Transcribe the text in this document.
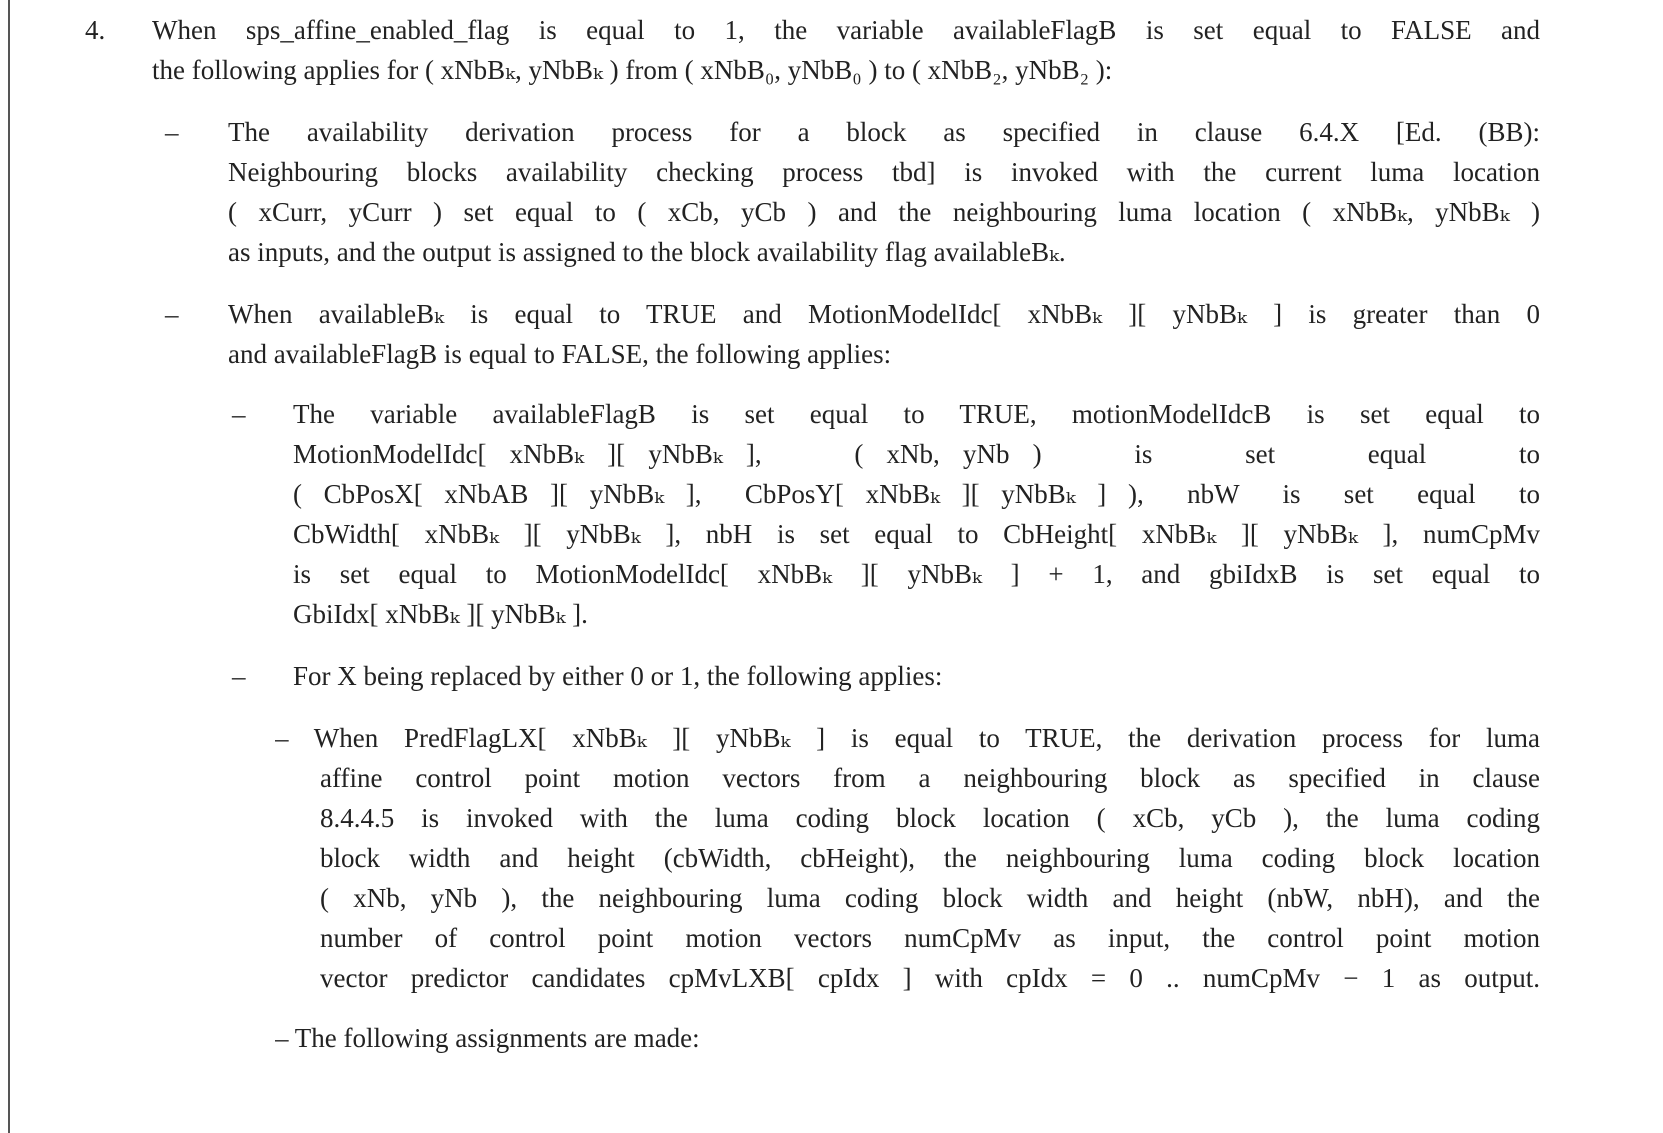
4. When sps_affine_enabled_flag is equal to 1, the variable availableFlagB is set equal to FALSE and
the following applies for ( xNbBₖ, yNbBₖ ) from ( xNbB₀, yNbB₀ ) to ( xNbB₂, yNbB₂ ):
– The availability derivation process for a block as specified in clause 6.4.X [Ed. (BB):
Neighbouring blocks availability checking process tbd] is invoked with the current luma location
( xCurr, yCurr ) set equal to ( xCb, yCb ) and the neighbouring luma location ( xNbBₖ, yNbBₖ )
as inputs, and the output is assigned to the block availability flag availableBₖ.
– When availableBₖ is equal to TRUE and MotionModelIdc[ xNbBₖ ][ yNbBₖ ] is greater than 0
and availableFlagB is equal to FALSE, the following applies:
– The variable availableFlagB is set equal to TRUE, motionModelIdcB is set equal to
MotionModelIdc[ xNbBₖ ][ yNbBₖ ],    ( xNb, yNb )    is    set    equal    to
( CbPosX[ xNbAB ][ yNbBₖ ],  CbPosY[ xNbBₖ ][ yNbBₖ ] ),  nbW  is  set  equal  to
CbWidth[ xNbBₖ ][ yNbBₖ ], nbH is set equal to CbHeight[ xNbBₖ ][ yNbBₖ ], numCpMv
is set equal to MotionModelIdc[ xNbBₖ ][ yNbBₖ ] + 1, and gbiIdxB is set equal to
GbiIdx[ xNbBₖ ][ yNbBₖ ].
– For X being replaced by either 0 or 1, the following applies:
– When PredFlagLX[ xNbBₖ ][ yNbBₖ ] is equal to TRUE, the derivation process for luma
affine control point motion vectors from a neighbouring block as specified in clause
8.4.4.5 is invoked with the luma coding block location ( xCb, yCb ), the luma coding
block width and height (cbWidth, cbHeight), the neighbouring luma coding block location
( xNb, yNb ), the neighbouring luma coding block width and height (nbW, nbH), and the
number of control point motion vectors numCpMv as input, the control point motion
vector predictor candidates cpMvLXB[ cpIdx ] with cpIdx = 0 .. numCpMv − 1 as output.
– The following assignments are made:
